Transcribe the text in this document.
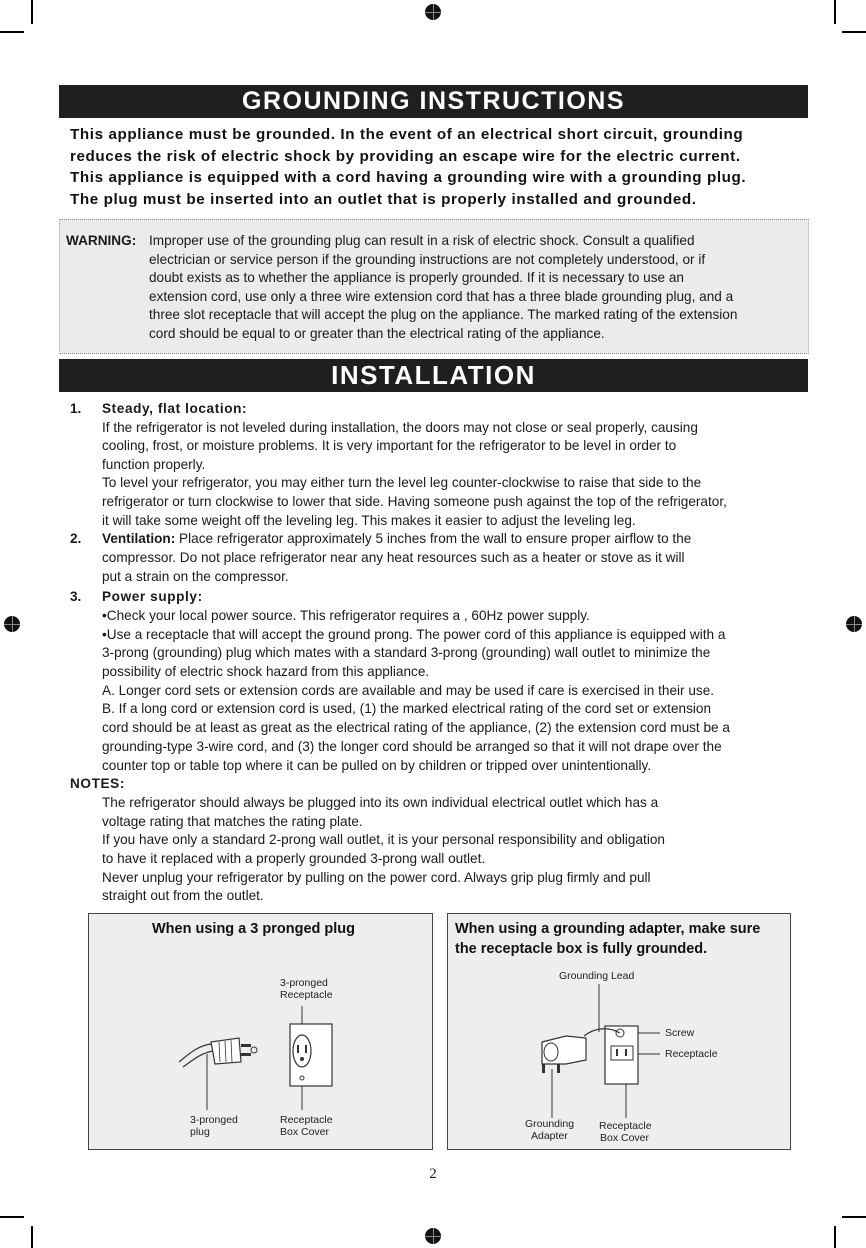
GROUNDING INSTRUCTIONS
This appliance must be grounded. In the event of an electrical short circuit, grounding
reduces the risk of electric shock by providing an escape wire for the electric current.
This appliance is equipped with a cord having a grounding wire with a grounding plug.
The plug must be inserted into an outlet that is properly installed and grounded.
WARNING: Improper use of the grounding plug can result in a risk of electric shock. Consult a qualified
electrician or service person if the grounding instructions are not completely understood, or if
doubt exists as to whether the appliance is properly grounded. If it is necessary to use an
extension cord, use only a three wire extension cord that has a three blade grounding plug, and a
three slot receptacle that will accept the plug on the appliance. The marked rating of the extension
cord should be equal to or greater than the electrical rating of the appliance.
INSTALLATION
1. Steady, flat location:
If the refrigerator is not leveled during installation, the doors may not close or seal properly, causing
cooling, frost, or moisture problems. It is very important for the refrigerator to be level in order to
function properly.
To level your refrigerator, you may either turn the level leg counter-clockwise to raise that side to the
refrigerator or turn clockwise to lower that side. Having someone push against the top of the refrigerator,
it will take some weight off the leveling leg. This makes it easier to adjust the leveling leg.
2. Ventilation: Place refrigerator approximately 5 inches from the wall to ensure proper airflow to the
compressor. Do not place refrigerator near any heat resources such as a heater or stove as it will
put a strain on the compressor.
3. Power supply:
•Check your local power source. This refrigerator requires a , 60Hz power supply.
•Use a receptacle that will accept the ground prong. The power cord of this appliance is equipped with a
3-prong (grounding) plug which mates with a standard 3-prong (grounding) wall outlet to minimize the
possibility of electric shock hazard from this appliance.
A. Longer cord sets or extension cords are available and may be used if care is exercised in their use.
B. If a long cord or extension cord is used, (1) the marked electrical rating of the cord set or extension
cord should be at least as great as the electrical rating of the appliance, (2) the extension cord must be a
grounding-type 3-wire cord, and (3) the longer cord should be arranged so that it will not drape over the
counter top or table top where it can be pulled on by children or tripped over unintentionally.
NOTES:
The refrigerator should always be plugged into its own individual electrical outlet which has a
voltage rating that matches the rating plate.
If you have only a standard 2-prong wall outlet, it is your personal responsibility and obligation
to have it replaced with a properly grounded 3-prong wall outlet.
Never unplug your refrigerator by pulling on the power cord. Always grip plug firmly and pull
straight out from the outlet.
When using a 3 pronged plug
3-pronged
Receptacle
3-pronged
plug
Receptacle
Box Cover
When using a grounding adapter, make sure
the receptacle box is fully grounded.
Grounding Lead
Screw
Receptacle
Grounding
Adapter
Receptacle
Box Cover
2
